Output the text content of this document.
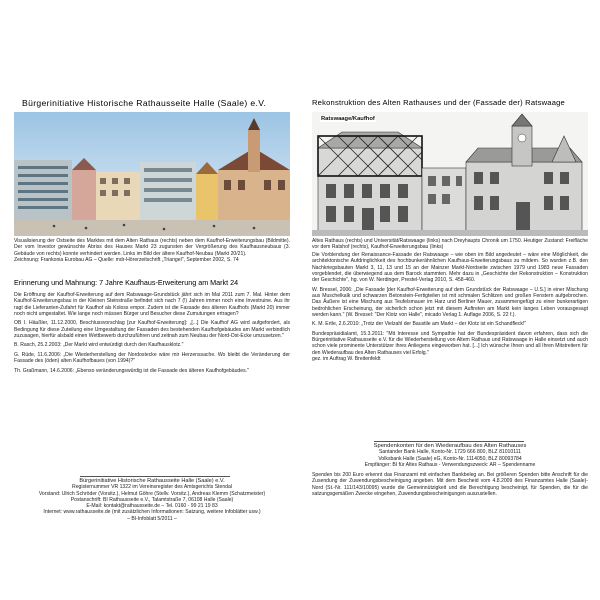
Bürgerinitiative Historische Rathausseite Halle (Saale) e.V.

Visualisierung der Ostseite des Marktes mit dem Alten Rathaus (rechts) neben dem Kaufhof-Erweiterungsbau (Bildmitte). Der vom Investor gewünschte Abriss des Hauses Markt 23 zugunsten der Vergrößerung des Kaufhausneubaus (3. Gebäude von rechts) konnte verhindert werden. Links im Bild der ältere Kaufhof-Neubau (Markt 20/21).

Zeichnung: Frankonia Eurobau AG – Quelle: mdr-Hörerzeitschrift „Triangel", September 2002, S. 74

Erinnerung und Mahnung: 7 Jahre Kaufhaus-Erweiterung am Markt 24

Die Eröffnung der Kaufhof-Erweiterung auf dem Ratswaage-Grundstück jährt sich im Mai 2011 zum 7. Mal. Hinter dem Kaufhof-Erweiterungsbau in der Kleinen Steinstraße befindet sich nach 7 (!) Jahren immer noch eine Investruine. Aus ihr ragt die Lieferanten-Zufahrt für Kaufhof als Koloss empor. Zudem ist die Fassade des älteren Kaufhofs (Markt 20) immer noch nicht umgestaltet. Wie lange noch müssen Bürger und Besucher diese Zumutungen ertragen?

OB I. Häußler, 11.12.2000, Beschlussvorschlag [zur Kaufhof-Erweiterung]: „[...] Die Kaufhof AG wird aufgefordert, als Bedingung für diese Zuteilung eine Umgestaltung der Fassaden des bestehenden Kaufhofgebäudes am Markt verbindlich zuzusagen, hierfür alsbald einen Wettbewerb durchzuführen und zeitnah zum Neubau der Nord-Ost-Ecke umzusetzen."

B. Rasch, 25.2.2003: „Der Markt wird entwürdigt durch den Kaufhausklotz."

G. Rüde, 11.6.2006: „Die Wiederherstellung der Nordostecke wäre mir Herzenssache. Wo bleibt die Veränderung der Fassade des (öden) alten Kaufhofbaues (von 1994)?"

Th. Graßmann, 14.6.2006: „Ebenso veränderungswürdig ist die Fassade des älteren Kaufhofgebäudes."

Bürgerinitiative Historische Rathausseite Halle (Saale) e.V.
Registernummer VR 1322 im Vereinsregister des Amtsgerichts Stendal
Vorstand: Ulrich Schröder (Vorsitz.), Helmut Göhre (Stellv. Vorsitz.), Andreas Klemm (Schatzmeister)
Postanschrift: BI Rathausseite e.V., Talamtstraße 7, 06108 Halle (Saale)
E-Mail: kontakt@rathausseite.de – Tel. 0160 - 99 21 19 83
Internet: www.rathausseite.de (mit zusätzlichen Informationen: Satzung, weitere Infoblätter usw.)
– BI-Infoblatt 5/2011 –
Rekonstruktion des Alten Rathauses und der (Fassade der) Ratswaage
Ratswaage/Kaufhof

Altes Rathaus (rechts) und Universität/Ratswaage (links) nach Dreyhaupts Chronik um 1750. Heutiger Zustand: Freifläche vor dem Ratshof (rechts), Kaufhof-Erweiterungsbau (links)

Die Vorblendung der Renaissance-Fassade der Ratswaage – wie oben im Bild angedeutet – wäre eine Möglichkeit, die architektonische Aufdringlichkeit des hochbunkerähnlichen Kaufhaus-Erweiterungsbaus zu mildern. So wurden z.B. den Nachkriegsbauten Markt 3, 11, 13 und 15 an der Mainzer Markt-Nordseite zwischen 1979 und 1983 neue Fassaden vorgeblendet, die überwiegend aus dem Barock stammten. Mehr dazu in „Geschichte der Rekonstruktion – Konstruktion der Geschichte", hg. von W. Nerdinger, Prestel-Verlag 2010, S. 458-460.

W. Bressel, 2006: „Die Fassade [der Kaufhof-Erweiterung auf dem Grundstück der Ratswaage – U.S.] in einer Mischung aus Muschelkalk und schwarzen Betonstein-Fertigteilen ist mit schmalen Schlitzen und großen Fenstern aufgebrochen. Das Äußere ist eine Mischung aus Teufelsmauer im Harz und Berliner Mauer, zusammengefügt zu einer bunkerartigen bedrohlichen Erscheinung, der sicherlich schon jetzt mit diesem Auftreten am Markt kein langes Leben vorausgesagt werden kann." (W. Bressel: "Der Klotz von Halle", micado Verlag 1. Auflage 2006, S. 22 f.).

K. M. Ertle, 2.6.2010: „Trotz der Vielzahl der Baustile am Markt – der Klotz ist ein Schandfleck!"

Bundespräsidialamt, 15.3.2011: "Mit Interesse und Sympathie hat der Bundespräsident davon erfahren, dass sich die Bürgerinitiative Rathausseite e.V. für die Wiederherstellung von Altem Rathaus und Ratswaage in Halle einsetzt und auch schon viele prominente Unterstützer ihres Anliegens eingeworben hat. [...] Ich wünsche Ihnen und all Ihren Mitstreitern für den Wiederaufbau des Alten Rathauses viel Erfolg."

gez. im Auftrag W. Breitenfeldt

Spendenkonten für den Wiederaufbau des Alten Rathauses
Santander Bank Halle, Konto-Nr. 1729 666 800, BLZ 81010111
Volksbank Halle (Saale) eG, Konto-Nr. 1114050, BLZ 80093784
Empfänger: BI für Altes Rathaus - Verwendungszweck: AR – Spendenname

Spenden bis 200 Euro erkennt das Finanzamt mit einfachen Bankbeleg an. Bei größeren Spenden bitte Anschrift für die Zusendung der Zuwendungsbescheinigung angeben. Mit dem Bescheid vom 4.8.2009 des Finanzamtes Halle (Saale)-Nord (St.-Nr. 111/143/10095) wurde die Gemeinnützigkeit und die Berechtigung bescheinigt, für Spenden, die für die satzungsgemäßen Zwecke eingehen, Zuwendungsbescheinigungen auszustellen.
